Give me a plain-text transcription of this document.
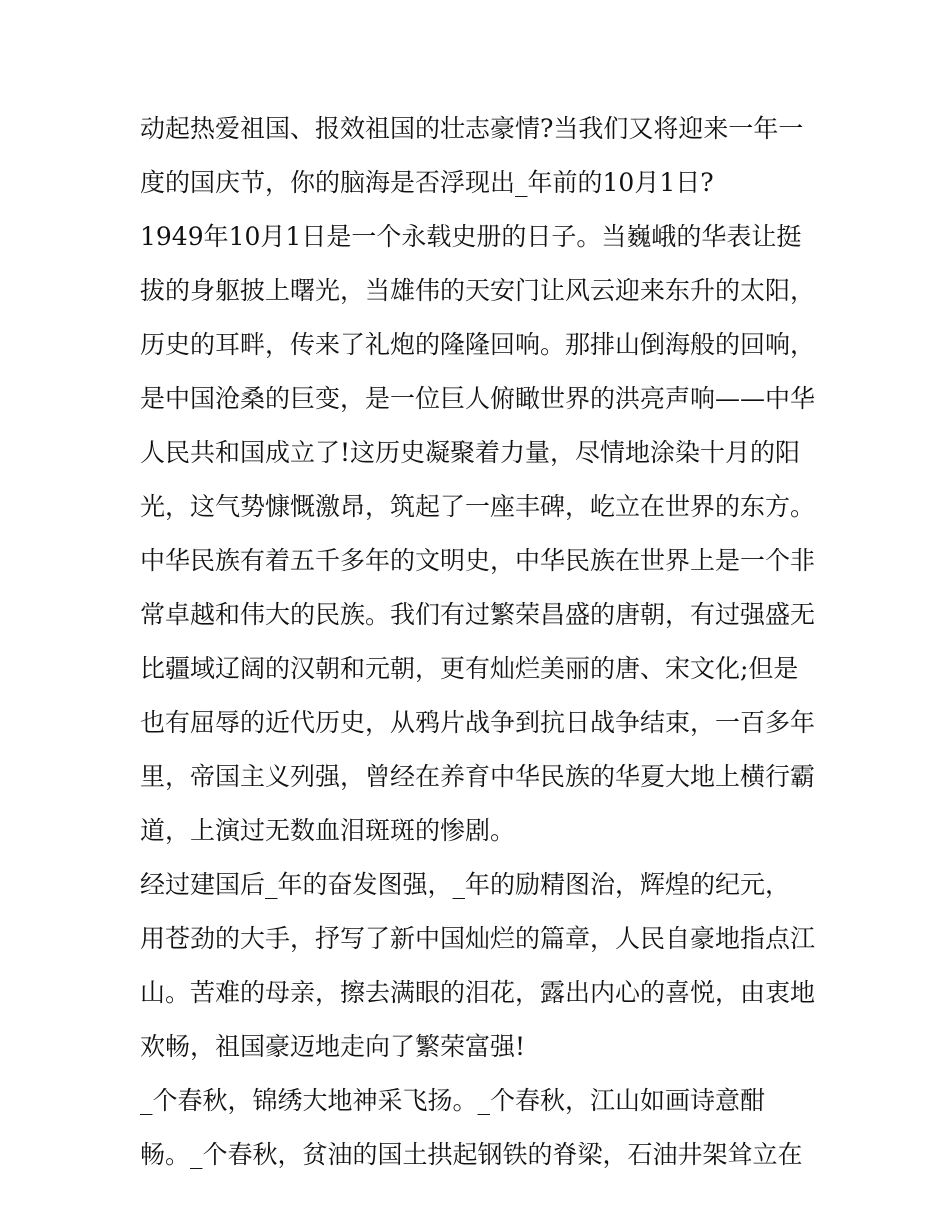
动起热爱祖国、报效祖国的壮志豪情?当我们又将迎来一年一
度的国庆节，你的脑海是否浮现出_年前的10月1日?
1949年10月1日是一个永载史册的日子。当巍峨的华表让挺
拔的身躯披上曙光，当雄伟的天安门让风云迎来东升的太阳，
历史的耳畔，传来了礼炮的隆隆回响。那排山倒海般的回响，
是中国沧桑的巨变，是一位巨人俯瞰世界的洪亮声响——中华
人民共和国成立了!这历史凝聚着力量，尽情地涂染十月的阳
光，这气势慷慨激昂，筑起了一座丰碑，屹立在世界的东方。
中华民族有着五千多年的文明史，中华民族在世界上是一个非
常卓越和伟大的民族。我们有过繁荣昌盛的唐朝，有过强盛无
比疆域辽阔的汉朝和元朝，更有灿烂美丽的唐、宋文化;但是
也有屈辱的近代历史，从鸦片战争到抗日战争结束，一百多年
里，帝国主义列强，曾经在养育中华民族的华夏大地上横行霸
道，上演过无数血泪斑斑的惨剧。
经过建国后_年的奋发图强，_年的励精图治，辉煌的纪元，
用苍劲的大手，抒写了新中国灿烂的篇章，人民自豪地指点江
山。苦难的母亲，擦去满眼的泪花，露出内心的喜悦，由衷地
欢畅，祖国豪迈地走向了繁荣富强!
_个春秋，锦绣大地神采飞扬。_个春秋，江山如画诗意酣
畅。_个春秋，贫油的国土拱起钢铁的脊梁，石油井架耸立在
